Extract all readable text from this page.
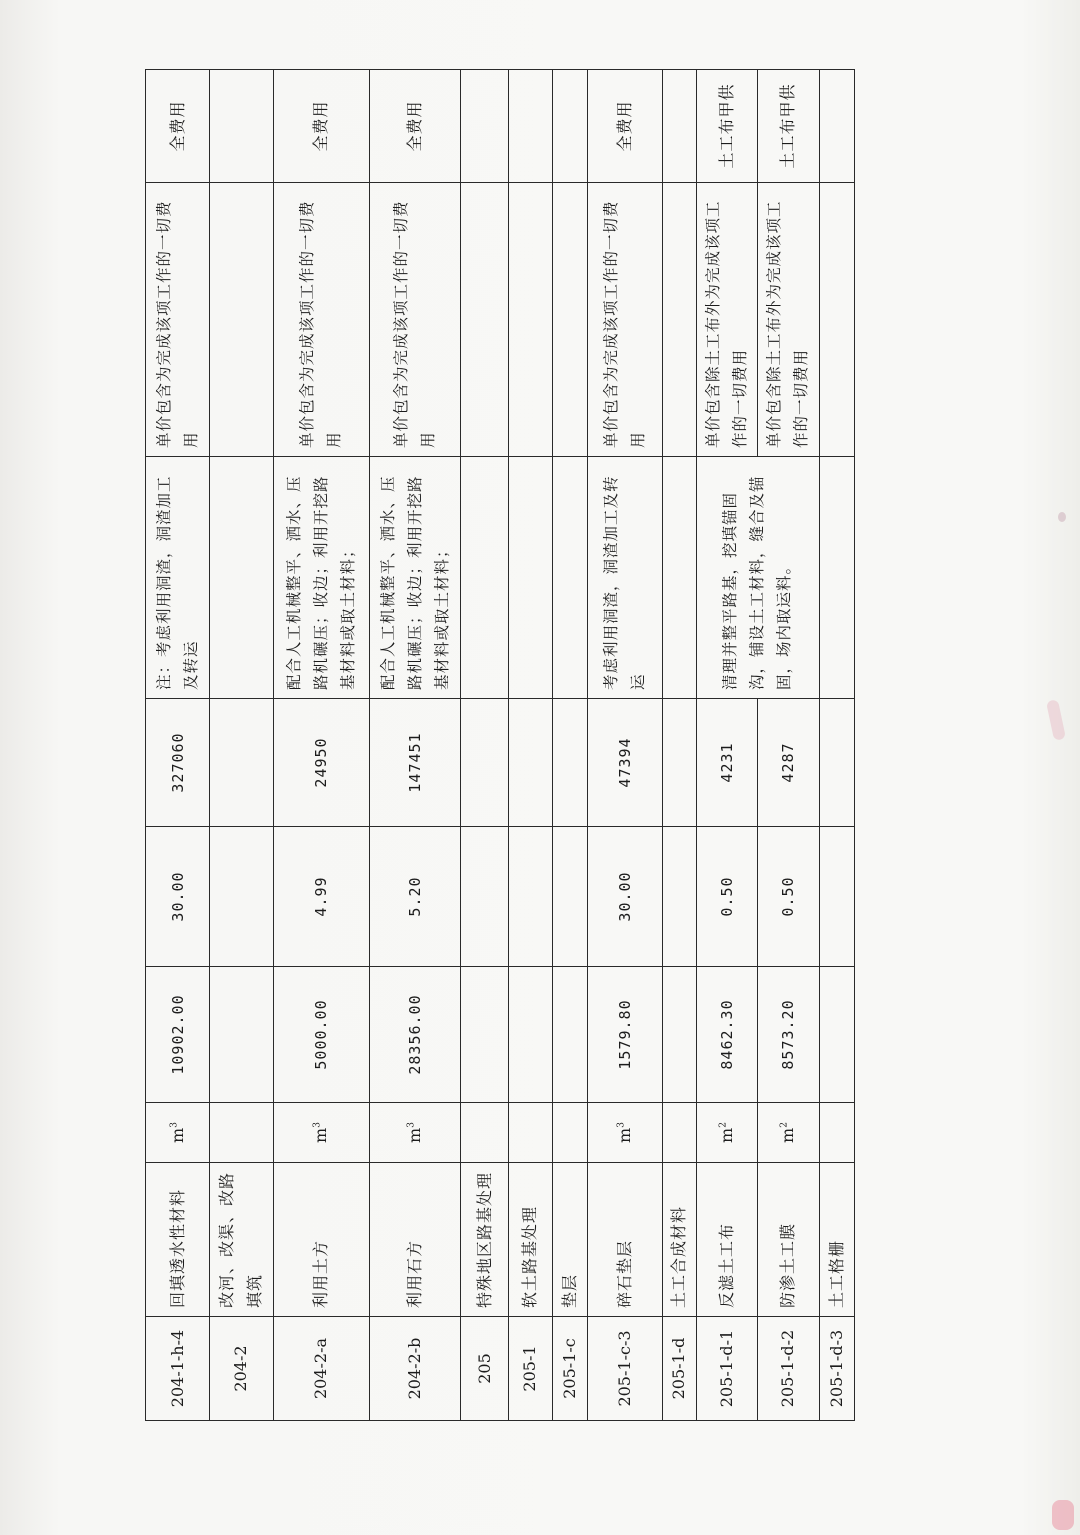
204-1-h-4	回填透水性材料	$m^3$	10902.00	30.00	327060	注：考虑利用洞渣，洞渣加工及转运	单价包含为完成该项工作的一切费用	全费用
204-2	改河、改渠、改路填筑							
204-2-a	利用土方	$m^3$	5000.00	4.99	24950	配合人工机械整平、洒水、压路机碾压；收边；利用开挖路基材料或取土材料；	单价包含为完成该项工作的一切费用	全费用
204-2-b	利用石方	$m^3$	28356.00	5.20	147451	配合人工机械整平、洒水、压路机碾压；收边；利用开挖路基材料或取土材料；	单价包含为完成该项工作的一切费用	全费用
205	特殊地区路基处理							
205-1	软土路基处理							
205-1-c	垫层							
205-1-c-3	碎石垫层	$m^3$	1579.80	30.00	47394	考虑利用洞渣，洞渣加工及转运	单价包含为完成该项工作的一切费用	全费用
205-1-d	土工合成材料							
205-1-d-1	反滤土工布	$m^2$	8462.30	0.50	4231	清理并整平路基，挖填锚固沟，铺设土工材料，缝合及锚固，场内取运料。	单价包含除土工布外为完成该项工作的一切费用	土工布甲供
205-1-d-2	防渗土工膜	$m^2$	8573.20	0.50	4287		单价包含除土工布外为完成该项工作的一切费用	土工布甲供
205-1-d-3	土工格栅							
